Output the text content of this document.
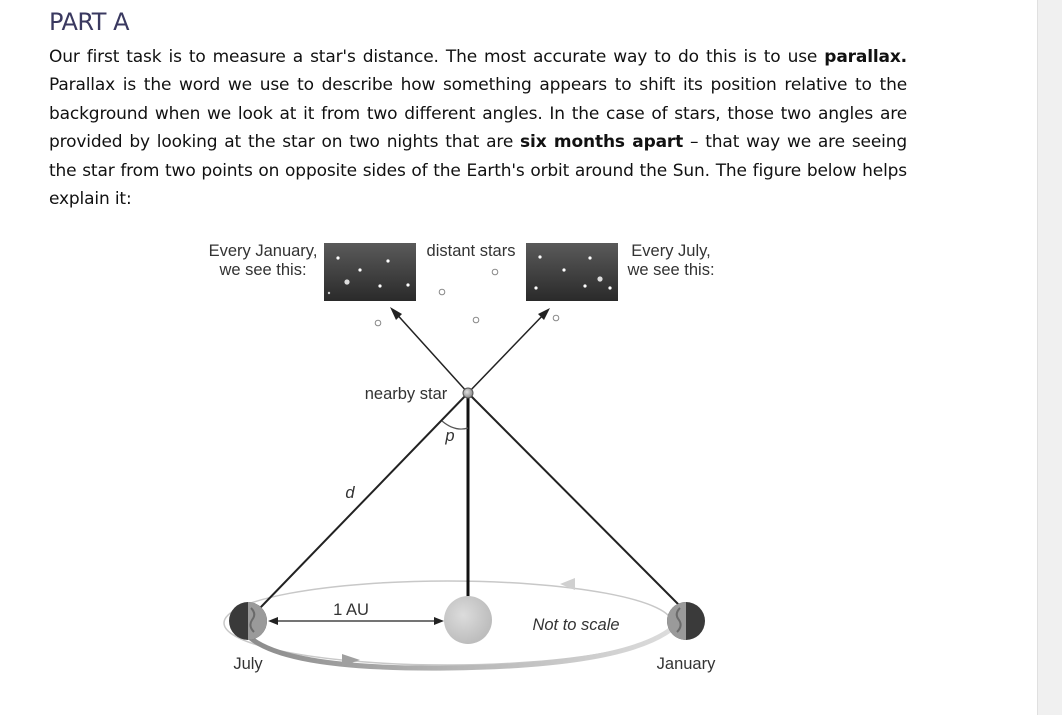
PART A

Our first task is to measure a star's distance. The most accurate way to do this is to use parallax. Parallax is the word we use to describe how something appears to shift its position relative to the background when we look at it from two different angles. In the case of stars, those two angles are provided by looking at the star on two nights that are six months apart – that way we are seeing the star from two points on opposite sides of the Earth's orbit around the Sun. The figure below helps explain it:

Every January,
we see this:
distant stars	Every July,
we see this:
nearby star
p
d
1 AU
Not to scale
July	January
